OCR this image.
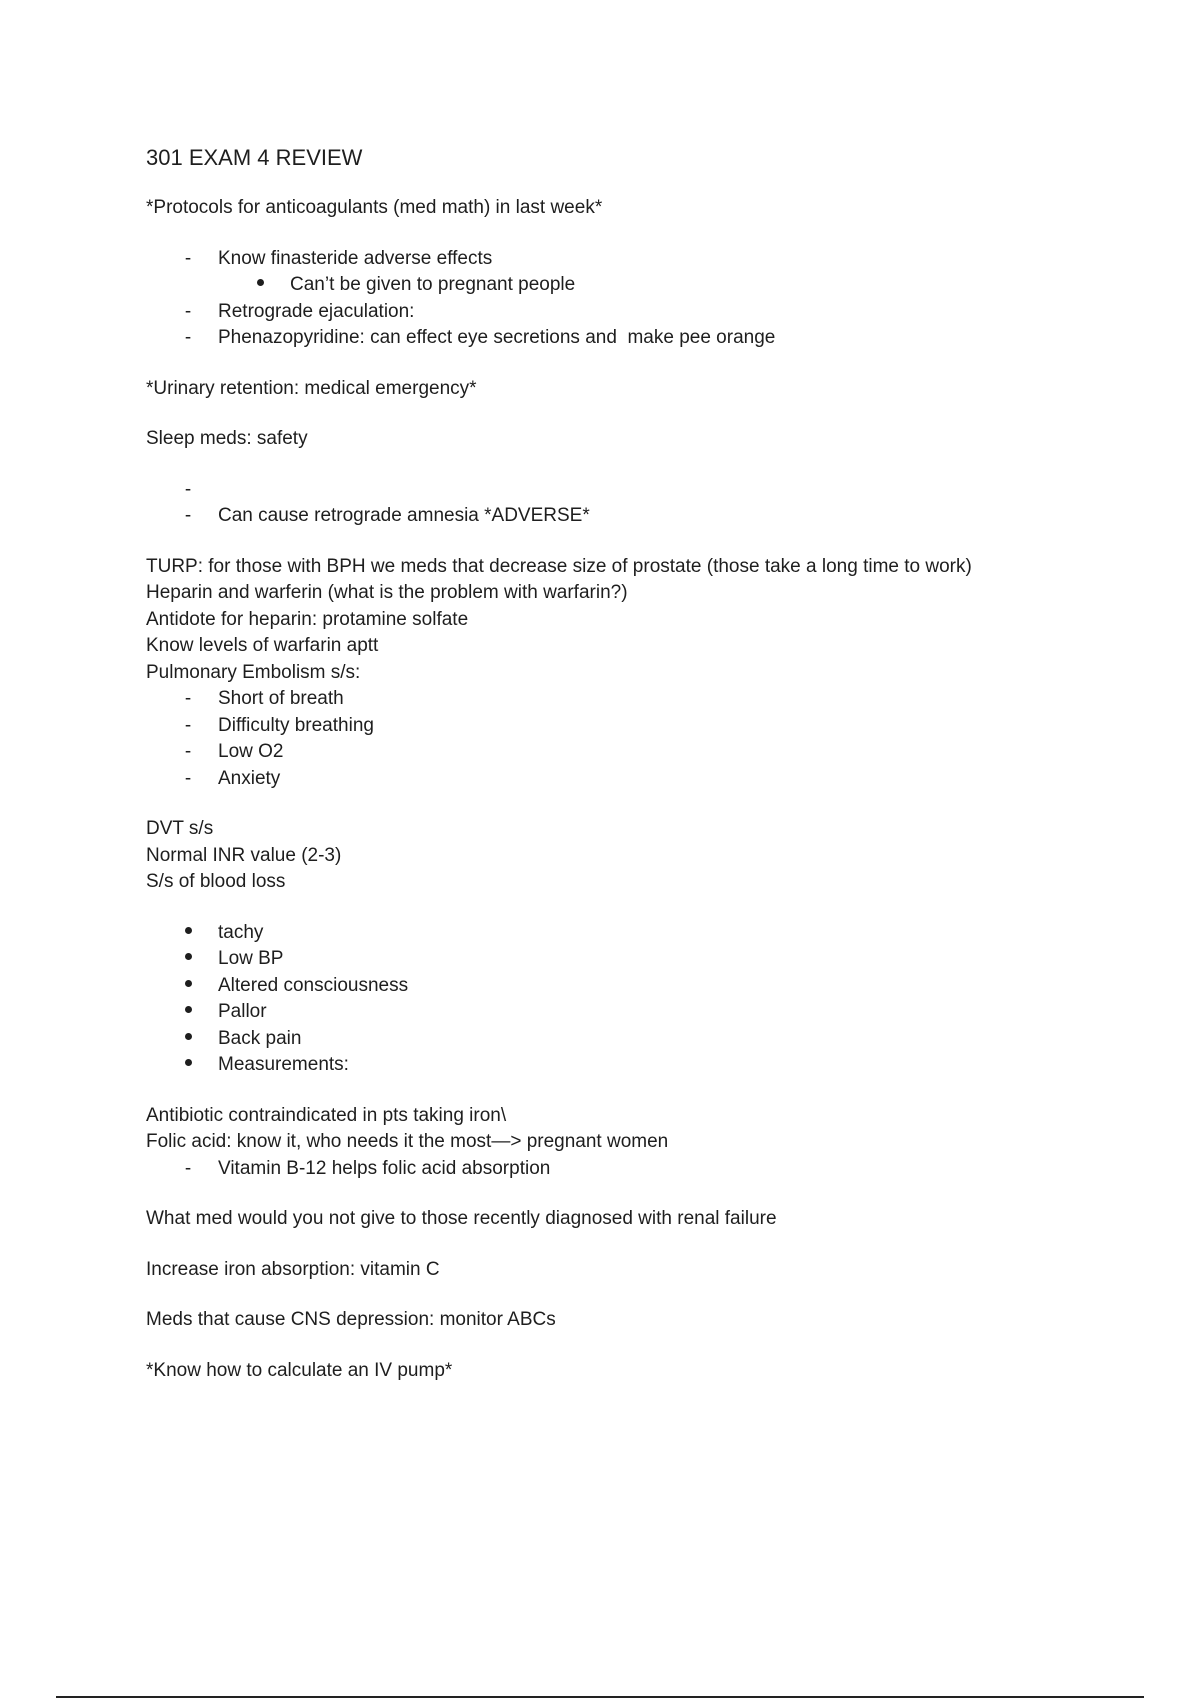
301 EXAM 4 REVIEW

*Protocols for anticoagulants (med math) in last week*

- Know finasteride adverse effects
Can’t be given to pregnant people
- Retrograde ejaculation:
- Phenazopyridine: can effect eye secretions and  make pee orange

*Urinary retention: medical emergency*

Sleep meds: safety

-
- Can cause retrograde amnesia *ADVERSE*

TURP: for those with BPH we meds that decrease size of prostate (those take a long time to work)

Heparin and warferin (what is the problem with warfarin?)

Antidote for heparin: protamine solfate

Know levels of warfarin aptt

Pulmonary Embolism s/s:

- Short of breath
- Difficulty breathing
- Low O2
- Anxiety

DVT s/s

Normal INR value (2-3)

S/s of blood loss

tachy
Low BP
Altered consciousness
Pallor
Back pain
Measurements:

Antibiotic contraindicated in pts taking iron\

Folic acid: know it, who needs it the most—> pregnant women

- Vitamin B-12 helps folic acid absorption

What med would you not give to those recently diagnosed with renal failure

Increase iron absorption: vitamin C

Meds that cause CNS depression: monitor ABCs

*Know how to calculate an IV pump*
